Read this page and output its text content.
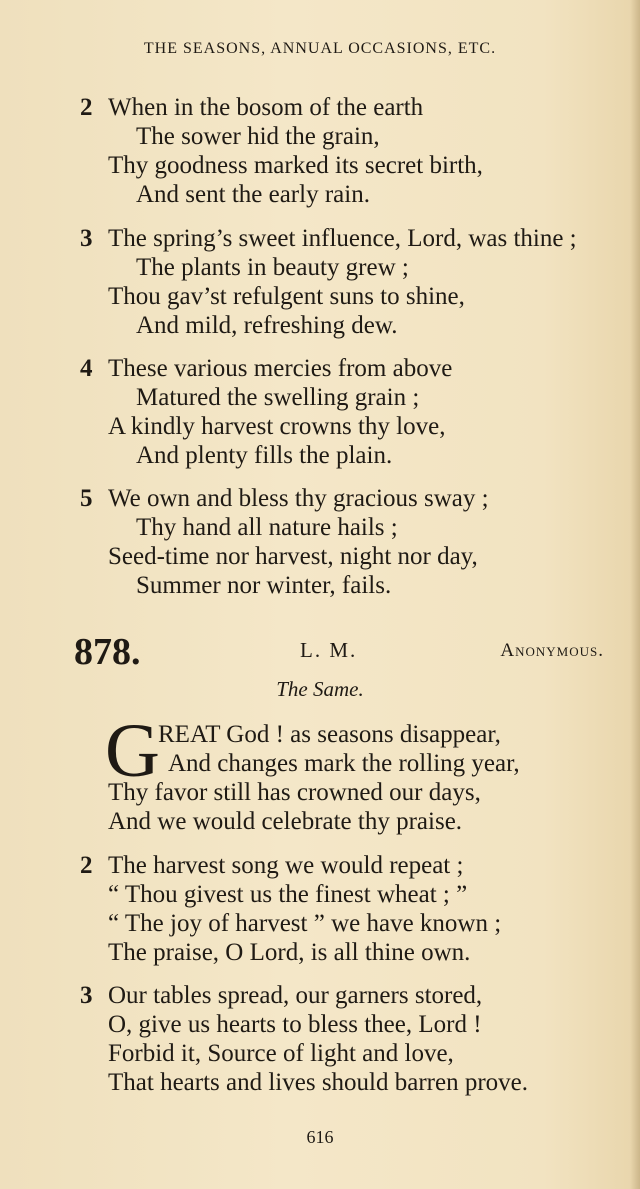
THE SEASONS, ANNUAL OCCASIONS, ETC.
2 When in the bosom of the earth
The sower hid the grain,
Thy goodness marked its secret birth,
And sent the early rain.
3 The spring’s sweet influence, Lord, was thine ;
The plants in beauty grew ;
Thou gav’st refulgent suns to shine,
And mild, refreshing dew.
4 These various mercies from above
Matured the swelling grain ;
A kindly harvest crowns thy love,
And plenty fills the plain.
5 We own and bless thy gracious sway ;
Thy hand all nature hails ;
Seed-time nor harvest, night nor day,
Summer nor winter, fails.
878.	L. M.	Anonymous.
The Same.
G
REAT God ! as seasons disappear,
And changes mark the rolling year,
Thy favor still has crowned our days,
And we would celebrate thy praise.
2 The harvest song we would repeat ;
“ Thou givest us the finest wheat ; ”
“ The joy of harvest ” we have known ;
The praise, O Lord, is all thine own.
3 Our tables spread, our garners stored,
O, give us hearts to bless thee, Lord !
Forbid it, Source of light and love,
That hearts and lives should barren prove.
616
